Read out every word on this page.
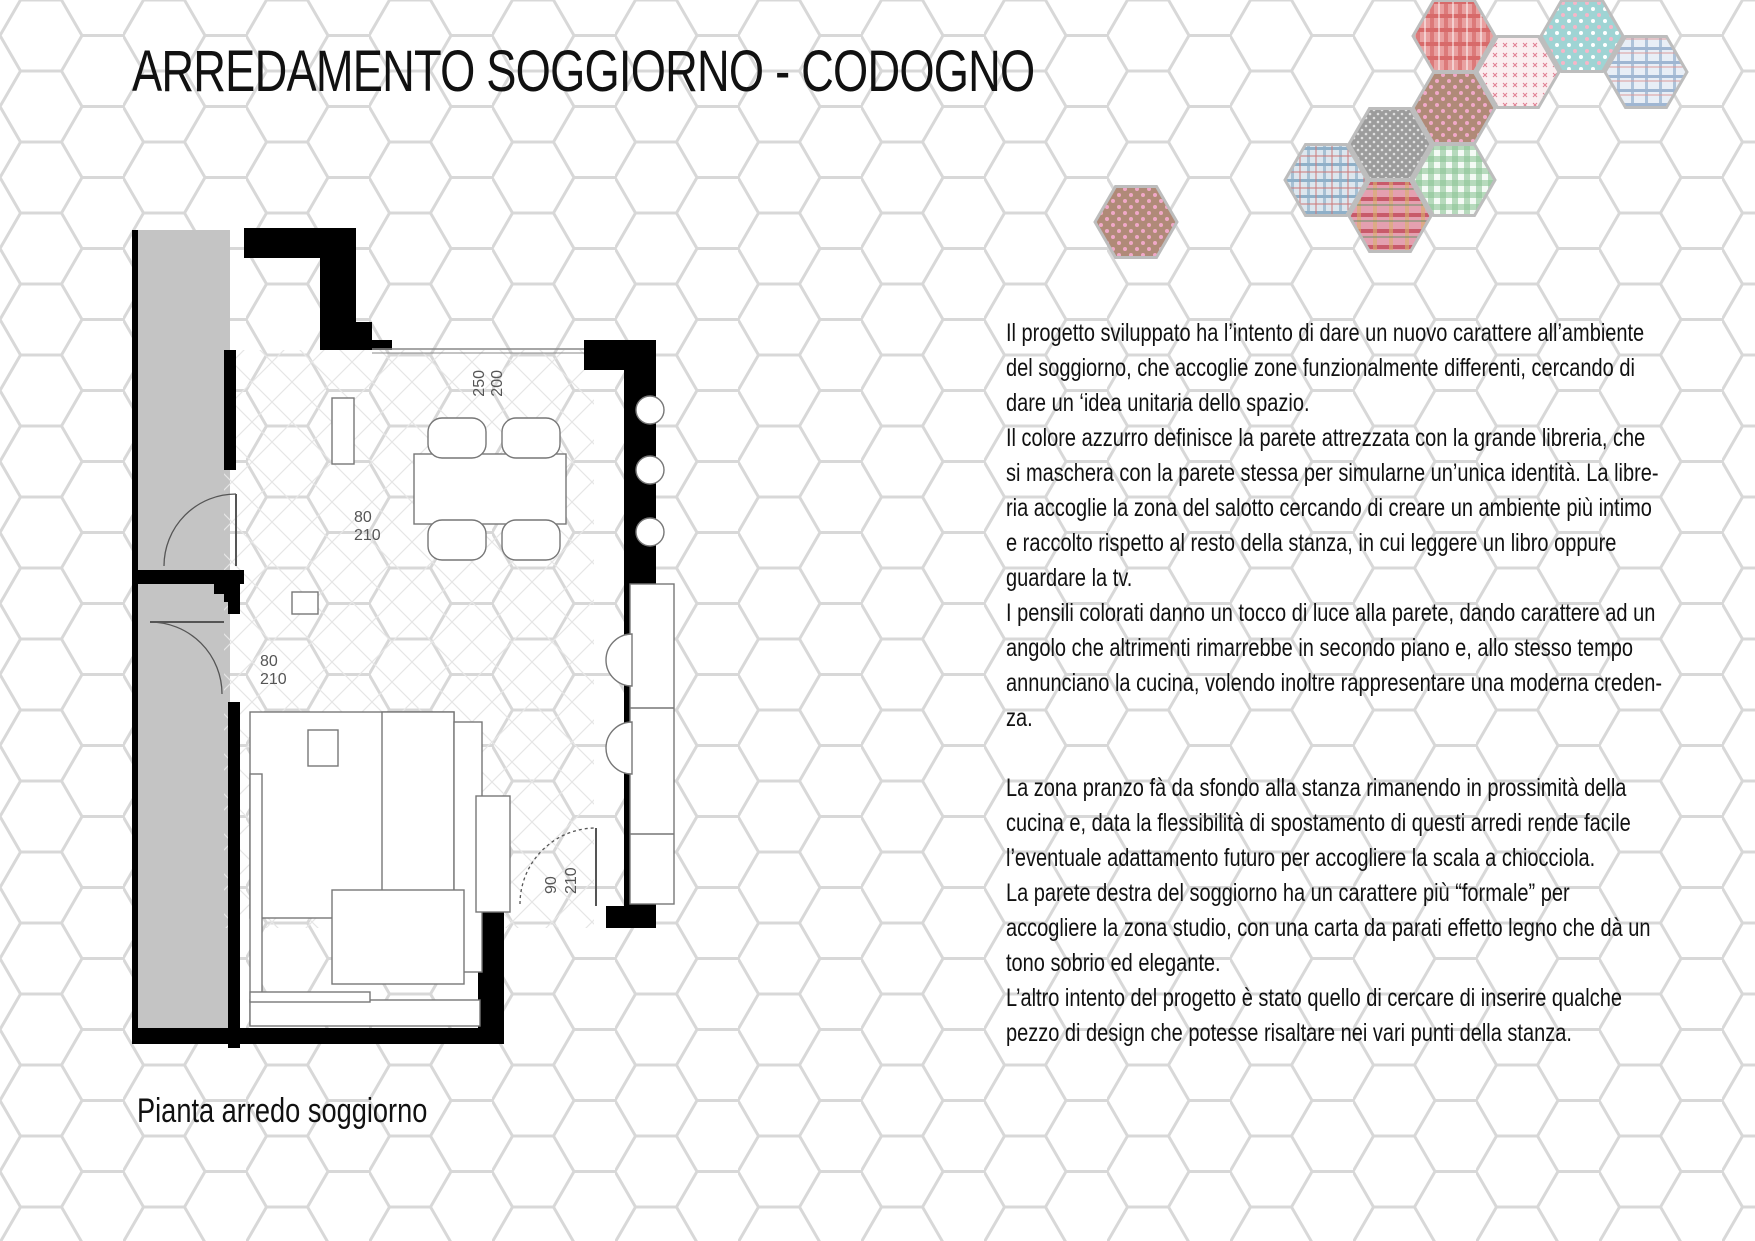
ARREDAMENTO SOGGIORNO - CODOGNO
200
250
80
210
80
210
90 210
Pianta arredo soggiorno

Il progetto sviluppato ha l’intento di dare un nuovo carattere all’ambiente

del soggiorno, che accoglie zone funzionalmente differenti, cercando di

dare un ‘idea unitaria dello spazio.

Il colore azzurro definisce la parete attrezzata con la grande libreria, che

si maschera con la parete stessa per simularne un’unica identità. La libre-

ria accoglie la zona del salotto cercando di creare un ambiente più intimo

e raccolto rispetto al resto della stanza, in cui leggere un libro oppure

guardare la tv.

I pensili colorati danno un tocco di luce alla parete, dando carattere ad un

angolo che altrimenti rimarrebbe in secondo piano e, allo stesso tempo

annunciano la cucina, volendo inoltre rappresentare una moderna creden-

za.

La zona pranzo fà da sfondo alla stanza rimanendo in prossimità della

cucina e, data la flessibilità di spostamento di questi arredi rende facile

l’eventuale adattamento futuro per accogliere la scala a chiocciola.

La parete destra del soggiorno ha un carattere più “formale” per

accogliere la zona studio, con una carta da parati effetto legno che dà un

tono sobrio ed elegante.

L’altro intento del progetto è stato quello di cercare di inserire qualche

pezzo di design che potesse risaltare nei vari punti della stanza.
